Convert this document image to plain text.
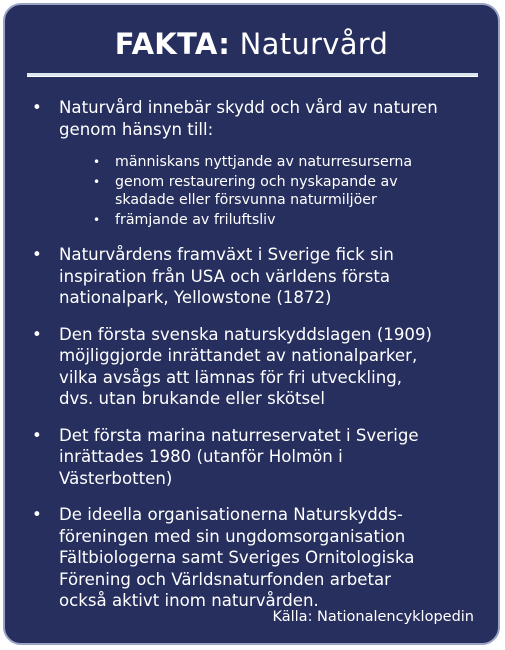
FAKTA: Naturvård
• Naturvård innebär skydd och vård av naturen
genom hänsyn till:
• människans nyttjande av naturresurserna
• genom restaurering och nyskapande av
skadade eller försvunna naturmiljöer
• främjande av friluftsliv
• Naturvårdens framväxt i Sverige fick sin
inspiration från USA och världens första
nationalpark, Yellowstone (1872)
• Den första svenska naturskyddslagen (1909)
möjliggjorde inrättandet av nationalparker,
vilka avsågs att lämnas för fri utveckling,
dvs. utan brukande eller skötsel
• Det första marina naturreservatet i Sverige
inrättades 1980 (utanför Holmön i
Västerbotten)
• De ideella organisationerna Naturskydds-
föreningen med sin ungdomsorganisation
Fältbiologerna samt Sveriges Ornitologiska
Förening och Världsnaturfonden arbetar
också aktivt inom naturvården.
Källa: Nationalencyklopedin
